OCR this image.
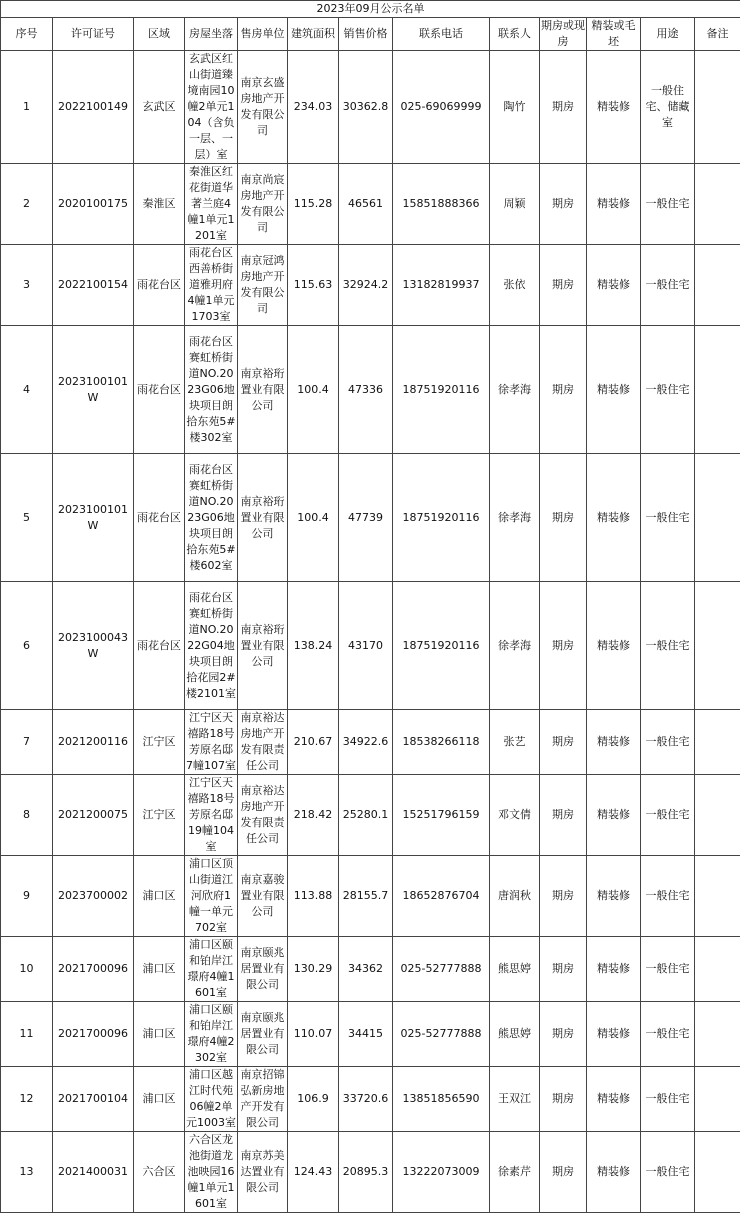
2023年09月公示名单												
序号	许可证号	区域	房屋坐落	售房单位	建筑面积	销售价格	联系电话	联系人	期房或现房	精装或毛坯	用途	备注
1	2022100149	玄武区	玄武区红山街道臻境南园10幢2单元104（含负一层、一层）室	南京玄盛房地产开发有限公司	234.03	30362.8	025-69069999	陶竹	期房	精装修	一般住宅、储藏室	
2	2020100175	秦淮区	秦淮区红花街道华著兰庭4幢1单元1201室	南京尚宸房地产开发有限公司	115.28	46561	15851888366	周颖	期房	精装修	一般住宅	
3	2022100154	雨花台区	雨花台区西善桥街道雅玥府4幢1单元1703室	南京冠鸿房地产开发有限公司	115.63	32924.2	13182819937	张依	期房	精装修	一般住宅	
4	2023100101W	雨花台区	雨花台区赛虹桥街道NO.2023G06地块项目朗拾东苑5#楼302室	南京裕珩置业有限公司	100.4	47336	18751920116	徐孝海	期房	精装修	一般住宅	
5	2023100101W	雨花台区	雨花台区赛虹桥街道NO.2023G06地块项目朗拾东苑5#楼602室	南京裕珩置业有限公司	100.4	47739	18751920116	徐孝海	期房	精装修	一般住宅	
6	2023100043W	雨花台区	雨花台区赛虹桥街道NO.2022G04地块项目朗拾花园2#楼2101室	南京裕珩置业有限公司	138.24	43170	18751920116	徐孝海	期房	精装修	一般住宅	
7	2021200116	江宁区	江宁区天禧路18号芳原名邸7幢107室	南京裕达房地产开发有限责任公司	210.67	34922.6	18538266118	张艺	期房	精装修	一般住宅	
8	2021200075	江宁区	江宁区天禧路18号芳原名邸19幢104室	南京裕达房地产开发有限责任公司	218.42	25280.1	15251796159	邓文倩	期房	精装修	一般住宅	
9	2023700002	浦口区	浦口区顶山街道江河欣府1幢一单元702室	南京嘉骏置业有限公司	113.88	28155.7	18652876704	唐润秋	期房	精装修	一般住宅	
10	2021700096	浦口区	浦口区颐和铂岸江璟府4幢1601室	南京颐兆居置业有限公司	130.29	34362	025-52777888	熊思婷	期房	精装修	一般住宅	
11	2021700096	浦口区	浦口区颐和铂岸江璟府4幢2302室	南京颐兆居置业有限公司	110.07	34415	025-52777888	熊思婷	期房	精装修	一般住宅	
12	2021700104	浦口区	浦口区越江时代苑06幢2单元1003室	南京招锦弘新房地产开发有限公司	106.9	33720.6	13851856590	王双江	期房	精装修	一般住宅	
13	2021400031	六合区	六合区龙池街道龙池映园16幢1单元1601室	南京苏美达置业有限公司	124.43	20895.3	13222073009	徐素芹	期房	精装修	一般住宅	
